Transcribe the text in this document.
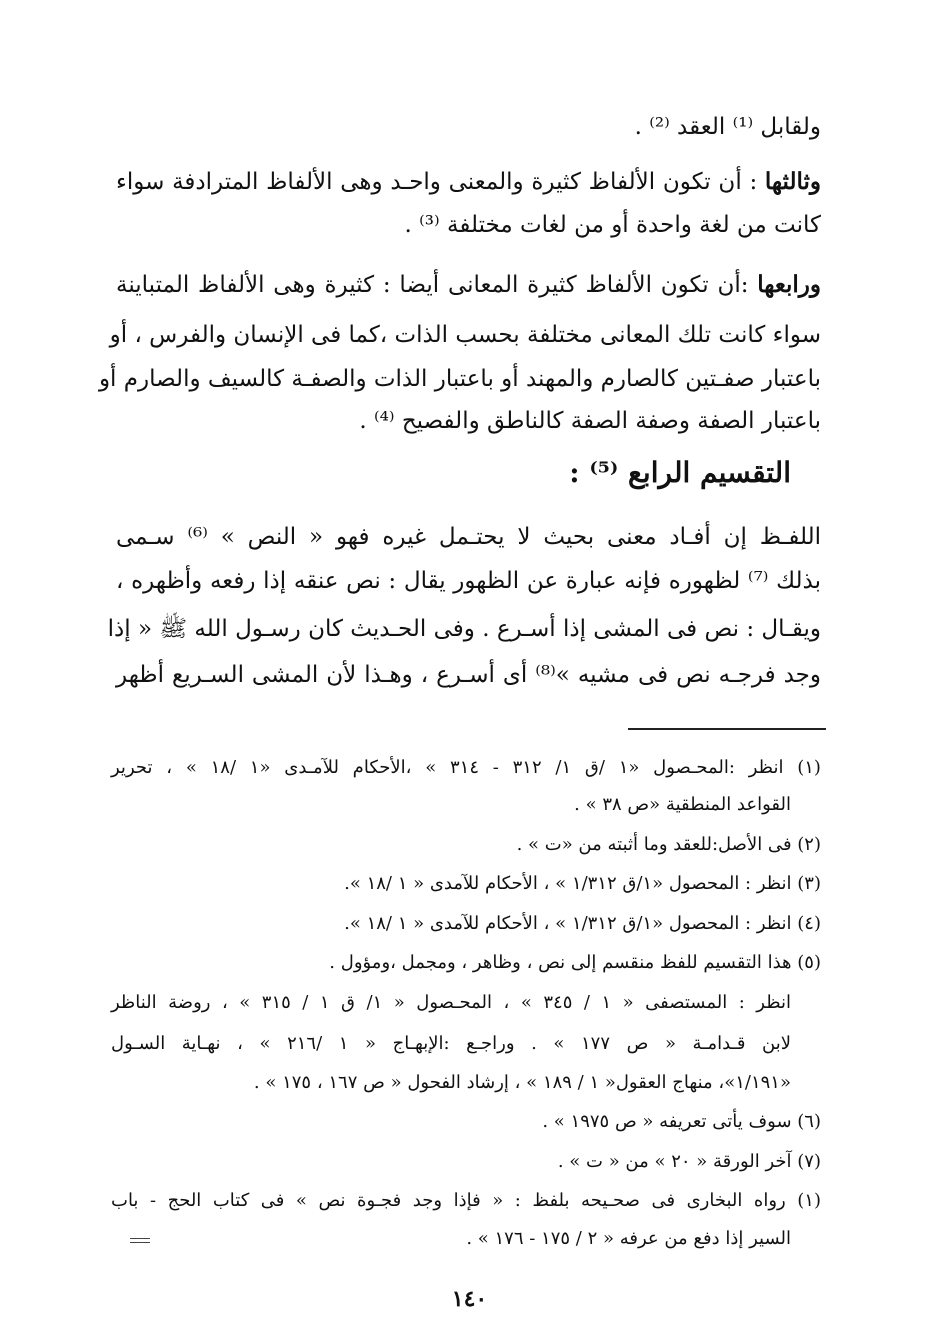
ولقابل ⁽¹⁾ العقد ⁽²⁾ .
وثالثها : أن تكون الألفاظ كثيرة والمعنى واحـد وهى الألفاظ المترادفة سواء
كانت من لغة واحدة أو من لغات مختلفة ⁽³⁾ .
ورابعها :أن تكون الألفاظ كثيرة المعانى أيضا : كثيرة وهى الألفاظ المتباينة
سواء كانت تلك المعانى مختلفة بحسب الذات ،كما فى الإنسان والفرس ، أو
باعتبار صفـتين كالصارم والمهند أو باعتبار الذات والصفـة كالسيف والصارم أو
باعتبار الصفة وصفة الصفة كالناطق والفصيح ⁽⁴⁾ .
التقسيم الرابع ⁽⁵⁾ :
اللفـظ إن أفـاد معنى بحيث لا يحتـمل غيره فهو « النص » ⁽⁶⁾ سـمى
بذلك ⁽⁷⁾ لظهوره فإنه عبارة عن الظهور يقال : نص عنقه إذا رفعه وأظهره ،
ويقـال : نص فى المشى إذا أسـرع . وفى الحـديث كان رسـول الله ﷺ « إذا
وجد فرجـه نص فى مشيه »⁽⁸⁾ أى أسـرع ، وهـذا لأن المشى السـريع أظهر
(١) انظر :المحـصول «١ /ق ١/ ٣١٢ - ٣١٤ » ،الأحكام للآمـدى «١ /١٨ » ، تحرير
القواعد المنطقية «ص ٣٨ » .
(٢) فى الأصل:للعقد وما أثبته من «ت » .
(٣) انظر : المحصول «١/ق ١/٣١٢ » ، الأحكام للآمدى « ١ /١٨ ».
(٤) انظر : المحصول «١/ق ١/٣١٢ » ، الأحكام للآمدى « ١ /١٨ ».
(٥) هذا التقسيم للفظ منقسم إلى نص ، وظاهر ، ومجمل ،ومؤول .
انظر : المستصفى « ١ / ٣٤٥ » ، المحـصول « ١/ ق ١ / ٣١٥ » ، روضة الناظر
لابن قـدامـة « ص ١٧٧ » . وراجـع :الإبهـاج « ١ /٢١٦ » ، نهـاية السـول
«١/١٩١»، منهاج العقول« ١ / ١٨٩ » ، إرشاد الفحول « ص ١٦٧ ، ١٧٥ » .
(٦) سوف يأتى تعريفه « ص ١٩٧٥ » .
(٧) آخر الورقة « ٢٠ » من « ت » .
(١) رواه البخارى فى صحـيحه بلفظ : « فإذا وجد فجـوة نص » فى كتاب الحج - باب
السير إذا دفع من عرفه « ٢ / ١٧٥ - ١٧٦ » .
١٤٠
